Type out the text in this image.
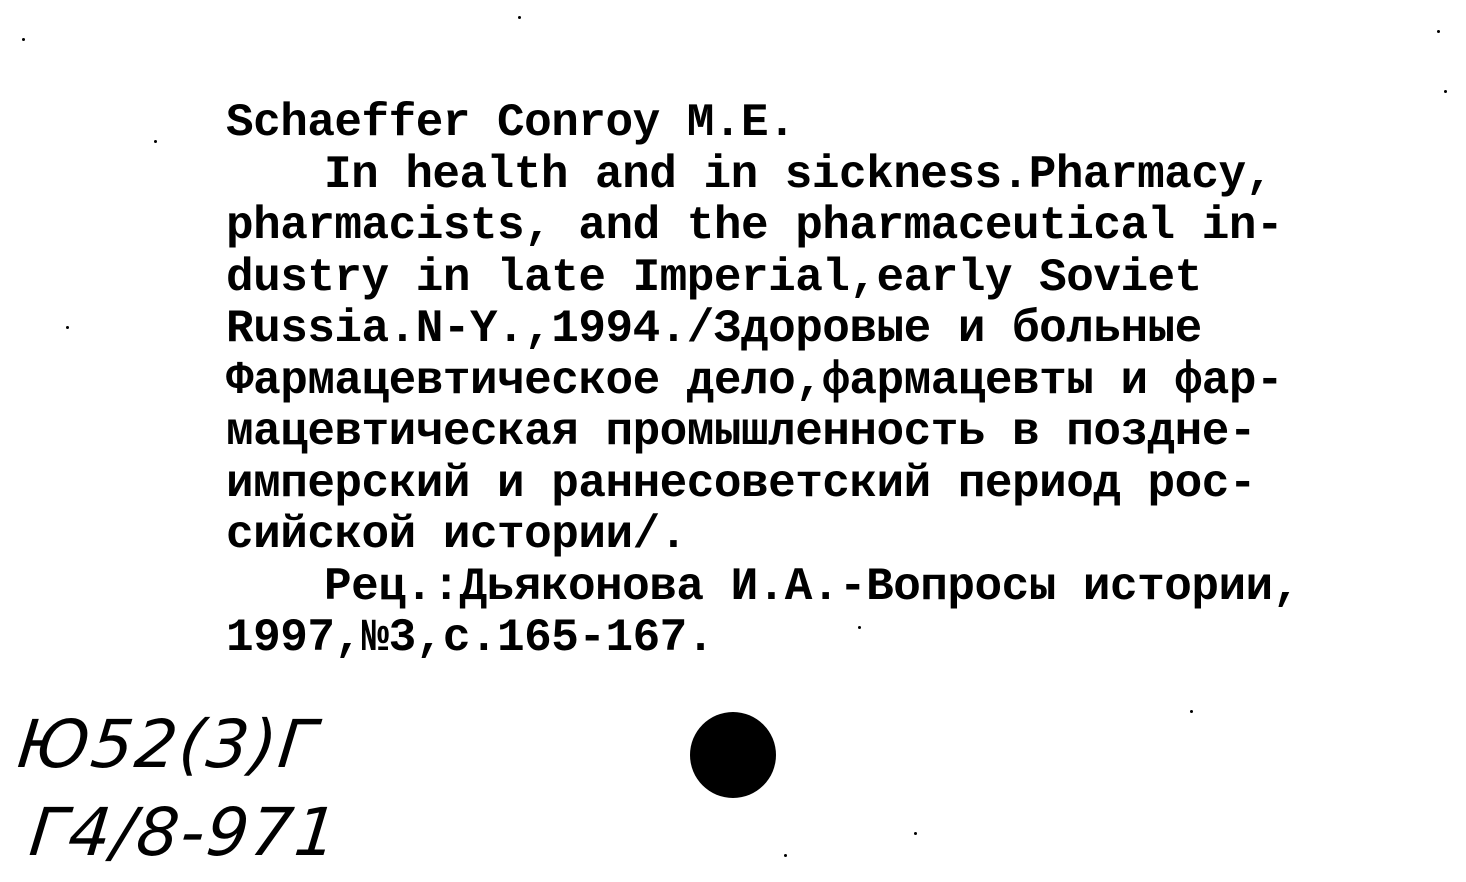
Schaeffer Conroy M.E.
In health and in sickness.Pharmacy,
pharmacists, and the pharmaceutical in-
dustry in late Imperial,early Soviet
Russia.N-Y.,1994./Здоровые и больные
Фармацевтическое дело,фармацевты и фар-
мацевтическая промышленность в поздне-
имперский и раннесоветский период рос-
сийской истории/.
Рец.:Дьяконова И.А.-Вопросы истории,
1997,№3,с.165-167.
Ю52(3)Г
Г4/8-971
